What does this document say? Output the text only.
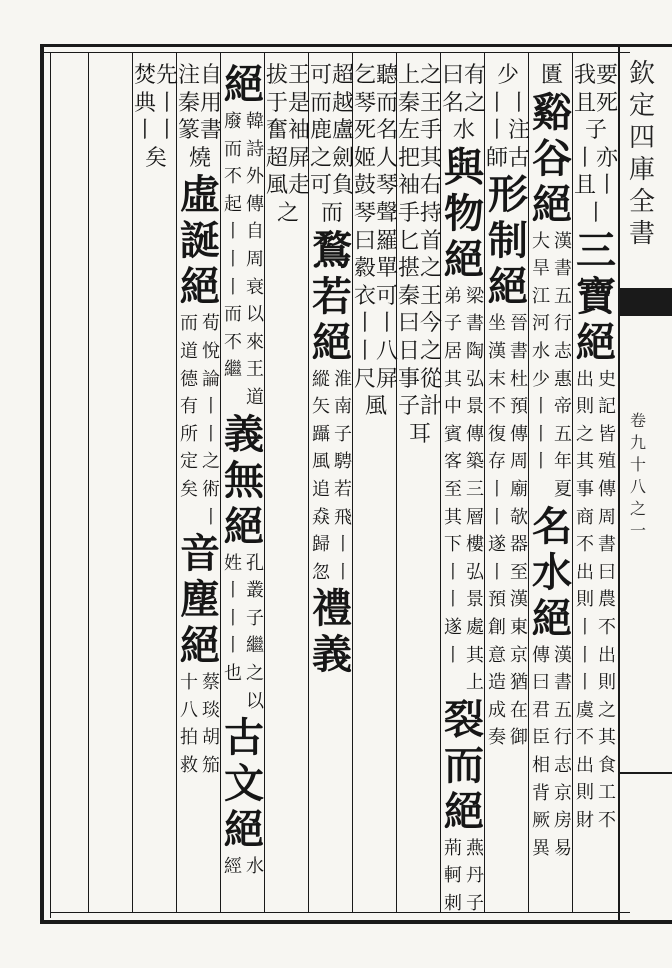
欽定四庫全書
卷九十八之一
我要且死子
丨亦且丨丨
三寶絕
史記皆殖傳周書曰農不出則之其食工不
出則之其事商不出則丨丨丨虞不出則財
匱
谿谷絕
漢書五行志惠帝五年夏
大旱江河水少丨丨丨
名水絕
漢書五行志京房易
傳曰君臣相背厥異
少
丨丨丨注師古
形制絕
晉書杜預傳周廟欹器至漢東京猶在御
坐漢末不復存丨丨遂丨預創意造成奏
曰有名之水
與物絕
梁書陶弘景傳築三層樓弘景處其上
弟子居其中賓客至其下丨丨遂丨
裂而絕
燕丹子
荊軻刺
上之秦王左手把其袖右手持匕首揕之秦王曰今日之事從子計耳
乞聽琴而死名姬人鼓琴琴聲曰羅縠單衣可丨丨丨八尺屏風
可超而越鹿盧之劍可負而
鶩若絕
淮南子騁若飛丨丨
縱矢躡風追猋歸忽
禮義
拔王于是奮袖超屏風走之
絕
韓詩外傳自周衰以來王道
廢而不起丨丨丨而不繼
義無絕
孔叢子繼之以
姓丨丨丨也
古文絕
水
經
注自秦用篆書燒
虛誕絕
荀悅論丨丨之術丨
而道德有所定矣
音塵絕
蔡琰胡笳
十八拍救
焚先典丨丨丨矣
